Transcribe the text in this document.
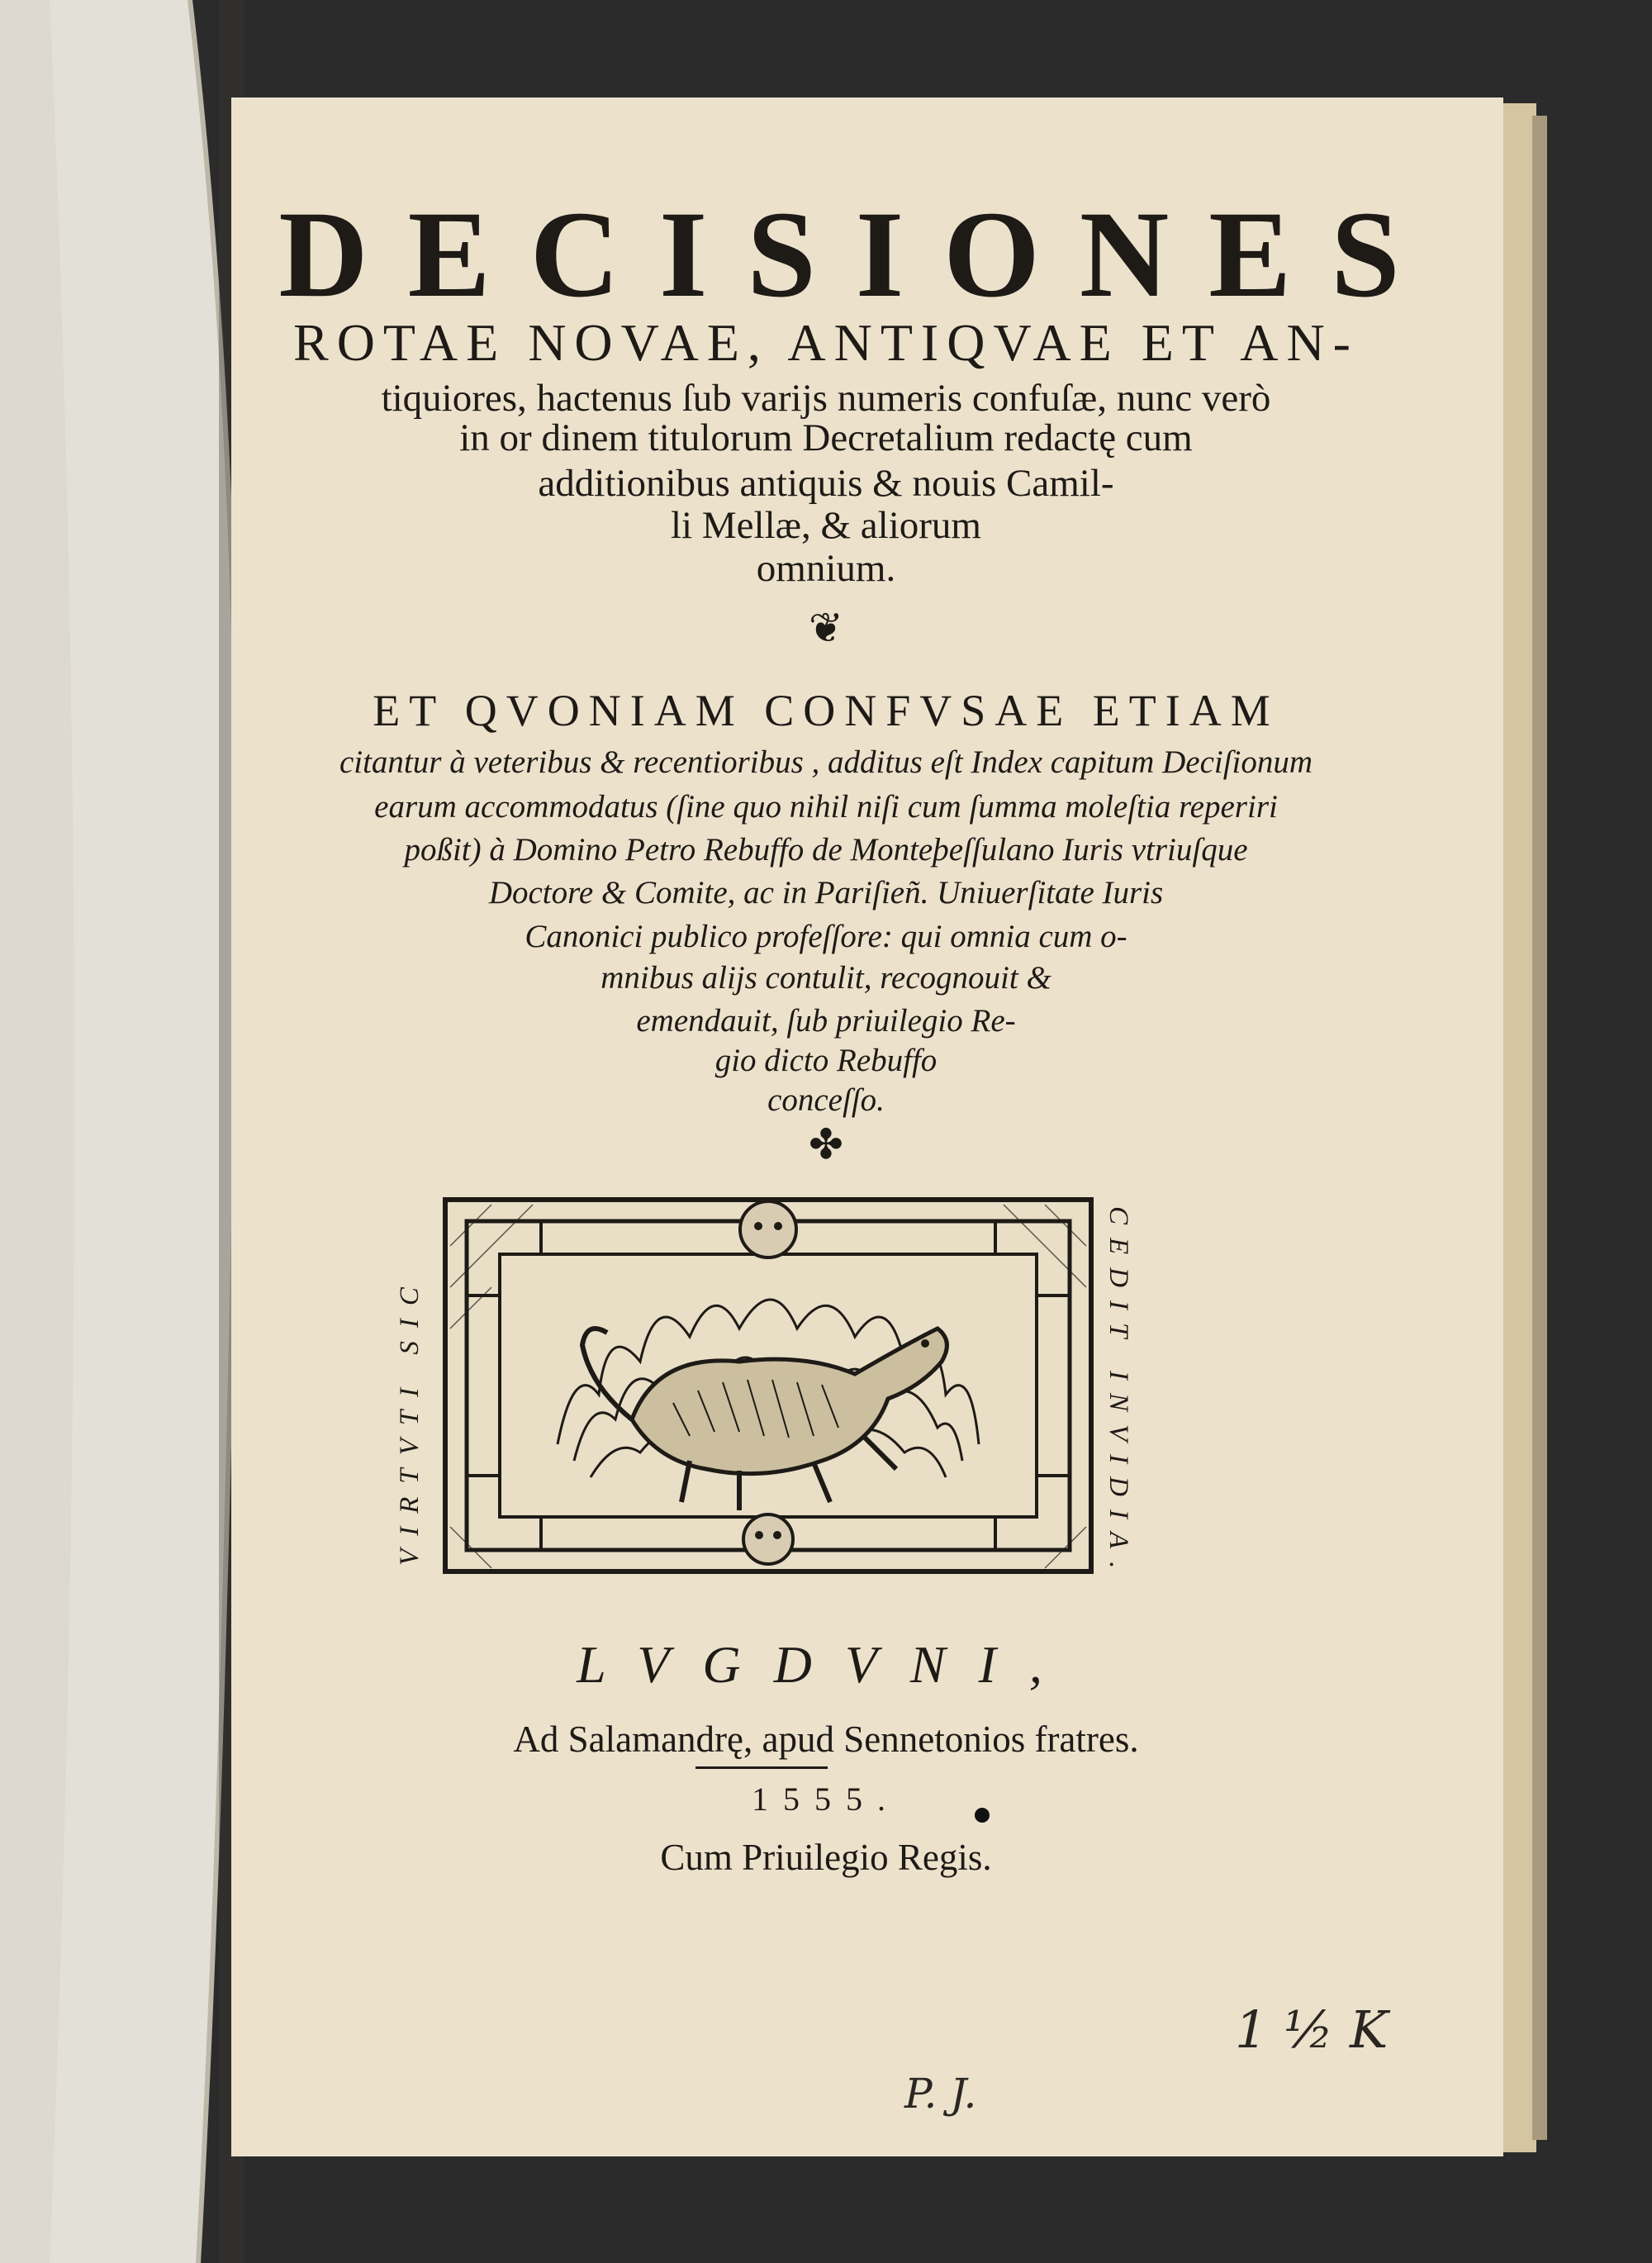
DECISIONES
ROTAE NOVAE, ANTIQVAE ET AN-
tiquiores, hactenus ſub varijs numeris confuſæ, nunc verò
in or dinem titulorum Decretalium redactę cum
additionibus antiquis & nouis Camil-
li Mellæ, & aliorum
omnium.
❦
ET QVONIAM CONFVSAE ETIAM
citantur à veteribus & recentioribus , additus eſt Index capitum Deciſionum
earum accommodatus (ſine quo nihil niſi cum ſumma moleſtia reperiri
poßit) à Domino Petro Rebuffo de Monteþeſſulano Iuris vtriuſque
Doctore & Comite, ac in Pariſieñ. Uniuerſitate Iuris
Canonici publico profeſſore: qui omnia cum o-
mnibus alijs contulit, recognouit &
emendauit, ſub priuilegio Re-
gio dicto Rebuffo
conceſſo.
✤
VIRTVTI SIC	CEDIT INVIDIA.
LVGDVNI,
Ad Salamandrę, apud Sennetonios fratres.
1555.
Cum Priuilegio Regis.
1 ½ K
P. J.
